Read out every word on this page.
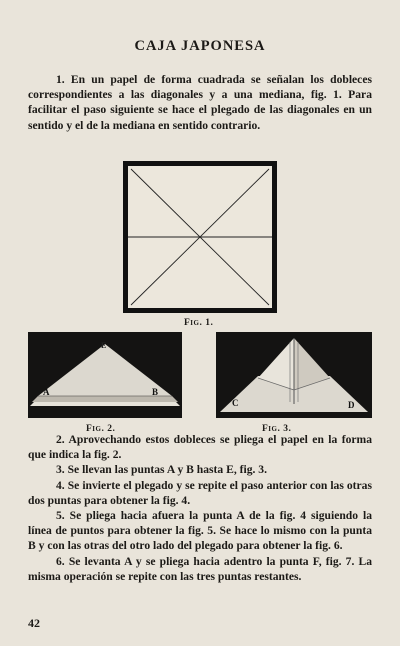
CAJA JAPONESA

1. En un papel de forma cuadrada se señalan los dobleces correspondientes a las diagonales y a una mediana, fig. 1. Para facilitar el paso siguiente se hace el plegado de las diagonales en un sentido y el de la mediana en sentido contrario.

Fig. 1.
E
A	B
Fig. 2.
C	D
Fig. 3.

2. Aprovechando estos dobleces se pliega el papel en la forma que indica la fig. 2.

3. Se llevan las puntas A y B hasta E, fig. 3.

4. Se invierte el plegado y se repite el paso anterior con las otras dos puntas para obtener la fig. 4.

5. Se pliega hacia afuera la punta A de la fig. 4 siguiendo la línea de puntos para obtener la fig. 5. Se hace lo mismo con la punta B y con las otras del otro lado del plegado para obtener la fig. 6.

6. Se levanta A y se pliega hacia adentro la punta F, fig. 7. La misma operación se repite con las tres puntas restantes.

42
